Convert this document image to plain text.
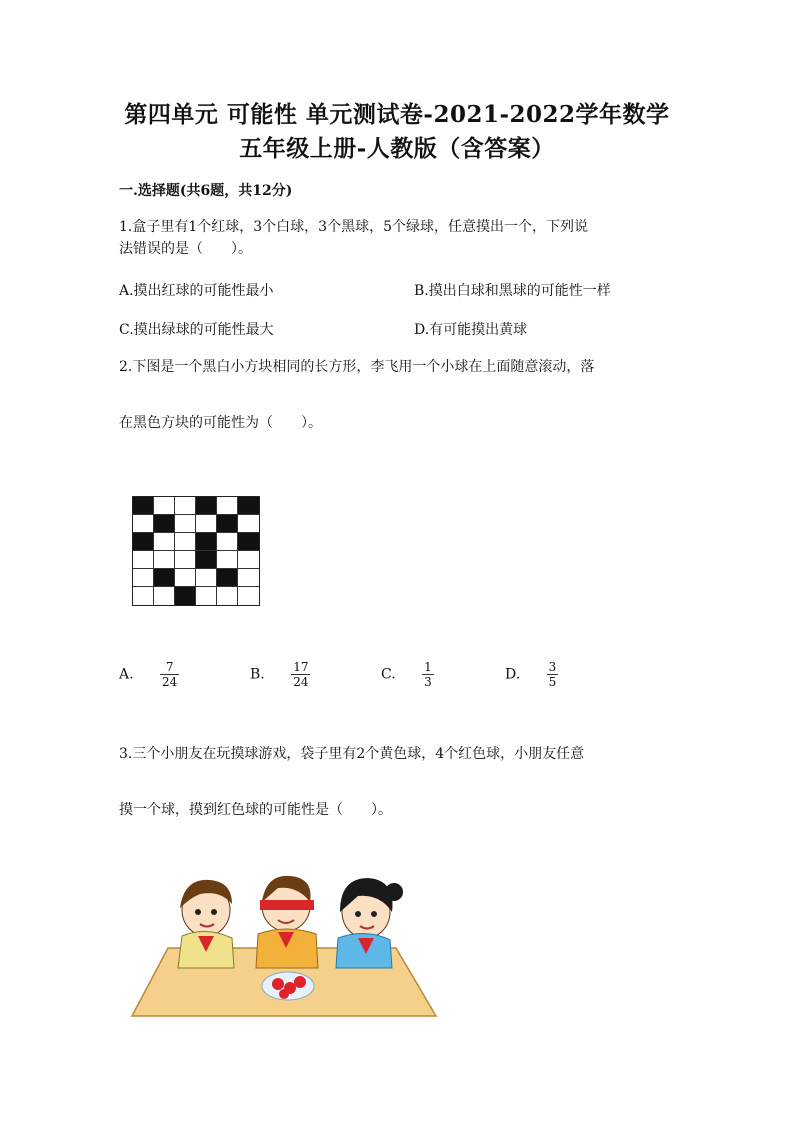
第四单元 可能性 单元测试卷-2021-2022学年数学
五年级上册-人教版（含答案）
一.选择题(共6题，共12分)
1.盒子里有1个红球，3个白球，3个黑球，5个绿球，任意摸出一个，下列说
法错误的是（　　）。
A.摸出红球的可能性最小	B.摸出白球和黑球的可能性一样
C.摸出绿球的可能性最大	D.有可能摸出黄球
2.下图是一个黑白小方块相同的长方形，李飞用一个小球在上面随意滚动，落
在黑色方块的可能性为（　　）。
A. $\frac{7}{24}$	B. $\frac{17}{24}$	C. $\frac{1}{3}$	D. $\frac{3}{5}$
3.三个小朋友在玩摸球游戏，袋子里有2个黄色球，4个红色球，小朋友任意
摸一个球，摸到红色球的可能性是（　　）。
